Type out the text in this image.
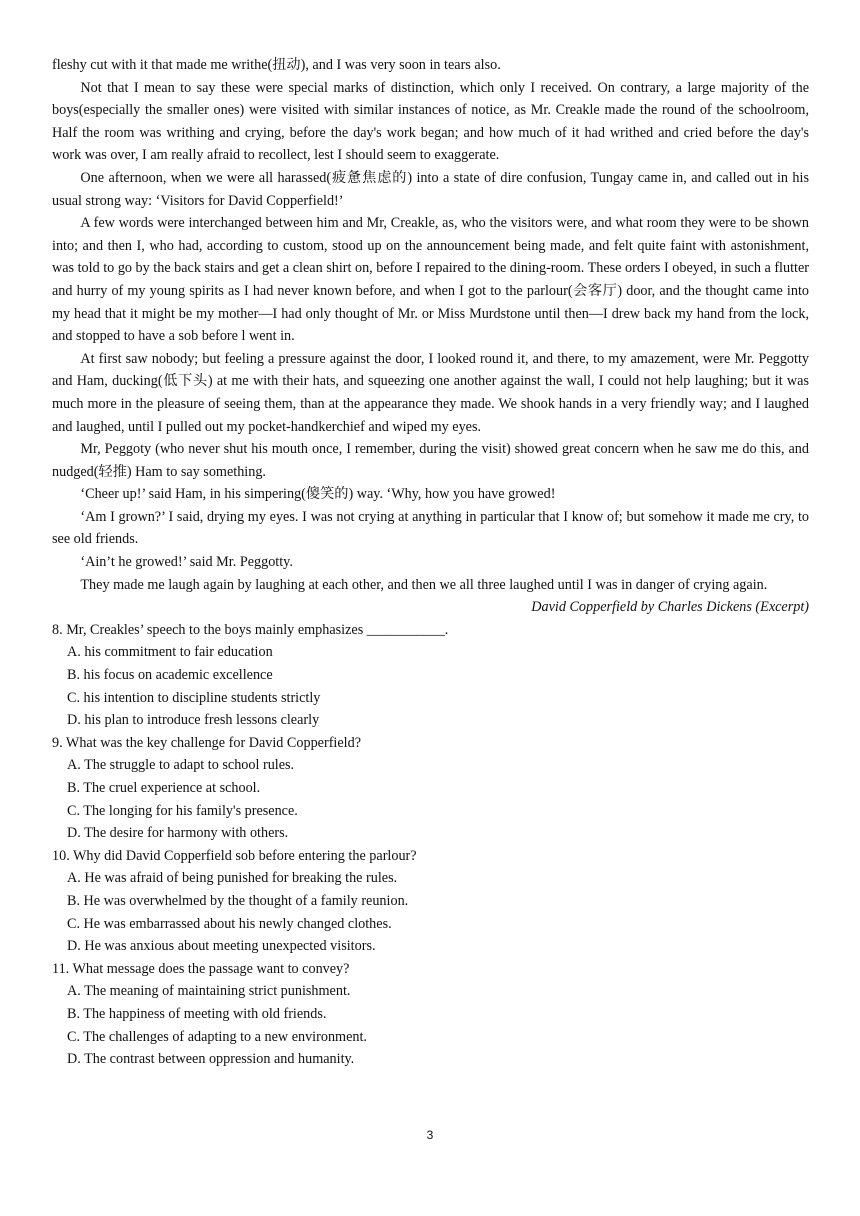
fleshy cut with it that made me writhe(扭动), and I was very soon in tears also.

Not that I mean to say these were special marks of distinction, which only I received. On contrary, a large majority of the boys(especially the smaller ones) were visited with similar instances of notice, as Mr. Creakle made the round of the schoolroom, Half the room was writhing and crying, before the day's work began; and how much of it had writhed and cried before the day's work was over, I am really afraid to recollect, lest I should seem to exaggerate.

One afternoon, when we were all harassed(疲惫焦虑的) into a state of dire confusion, Tungay came in, and called out in his usual strong way: ‘Visitors for David Copperfield!’

A few words were interchanged between him and Mr, Creakle, as, who the visitors were, and what room they were to be shown into; and then I, who had, according to custom, stood up on the announcement being made, and felt quite faint with astonishment, was told to go by the back stairs and get a clean shirt on, before I repaired to the dining-room. These orders I obeyed, in such a flutter and hurry of my young spirits as I had never known before, and when I got to the parlour(会客厅) door, and the thought came into my head that it might be my mother—I had only thought of Mr. or Miss Murdstone until then—I drew back my hand from the lock, and stopped to have a sob before l went in.

At first saw nobody; but feeling a pressure against the door, I looked round it, and there, to my amazement, were Mr. Peggotty and Ham, ducking(低下头) at me with their hats, and squeezing one another against the wall, I could not help laughing; but it was much more in the pleasure of seeing them, than at the appearance they made. We shook hands in a very friendly way; and I laughed and laughed, until I pulled out my pocket-handkerchief and wiped my eyes.

Mr, Peggoty (who never shut his mouth once, I remember, during the visit) showed great concern when he saw me do this, and nudged(轻推) Ham to say something.

‘Cheer up!’ said Ham, in his simpering(傻笑的) way. ‘Why, how you have growed!

‘Am I grown?’ I said, drying my eyes. I was not crying at anything in particular that I know of; but somehow it made me cry, to see old friends.

‘Ain’t he growed!’ said Mr. Peggotty.

They made me laugh again by laughing at each other, and then we all three laughed until I was in danger of crying again.

David Copperfield by Charles Dickens (Excerpt)

8. Mr, Creakles’ speech to the boys mainly emphasizes ___________.

A. his commitment to fair education
B. his focus on academic excellence
C. his intention to discipline students strictly
D. his plan to introduce fresh lessons clearly

9. What was the key challenge for David Copperfield?

A. The struggle to adapt to school rules.
B. The cruel experience at school.
C. The longing for his family's presence.
D. The desire for harmony with others.

10. Why did David Copperfield sob before entering the parlour?

A. He was afraid of being punished for breaking the rules.
B. He was overwhelmed by the thought of a family reunion.
C. He was embarrassed about his newly changed clothes.
D. He was anxious about meeting unexpected visitors.

11. What message does the passage want to convey?

A. The meaning of maintaining strict punishment.
B. The happiness of meeting with old friends.
C. The challenges of adapting to a new environment.
D. The contrast between oppression and humanity.
3
